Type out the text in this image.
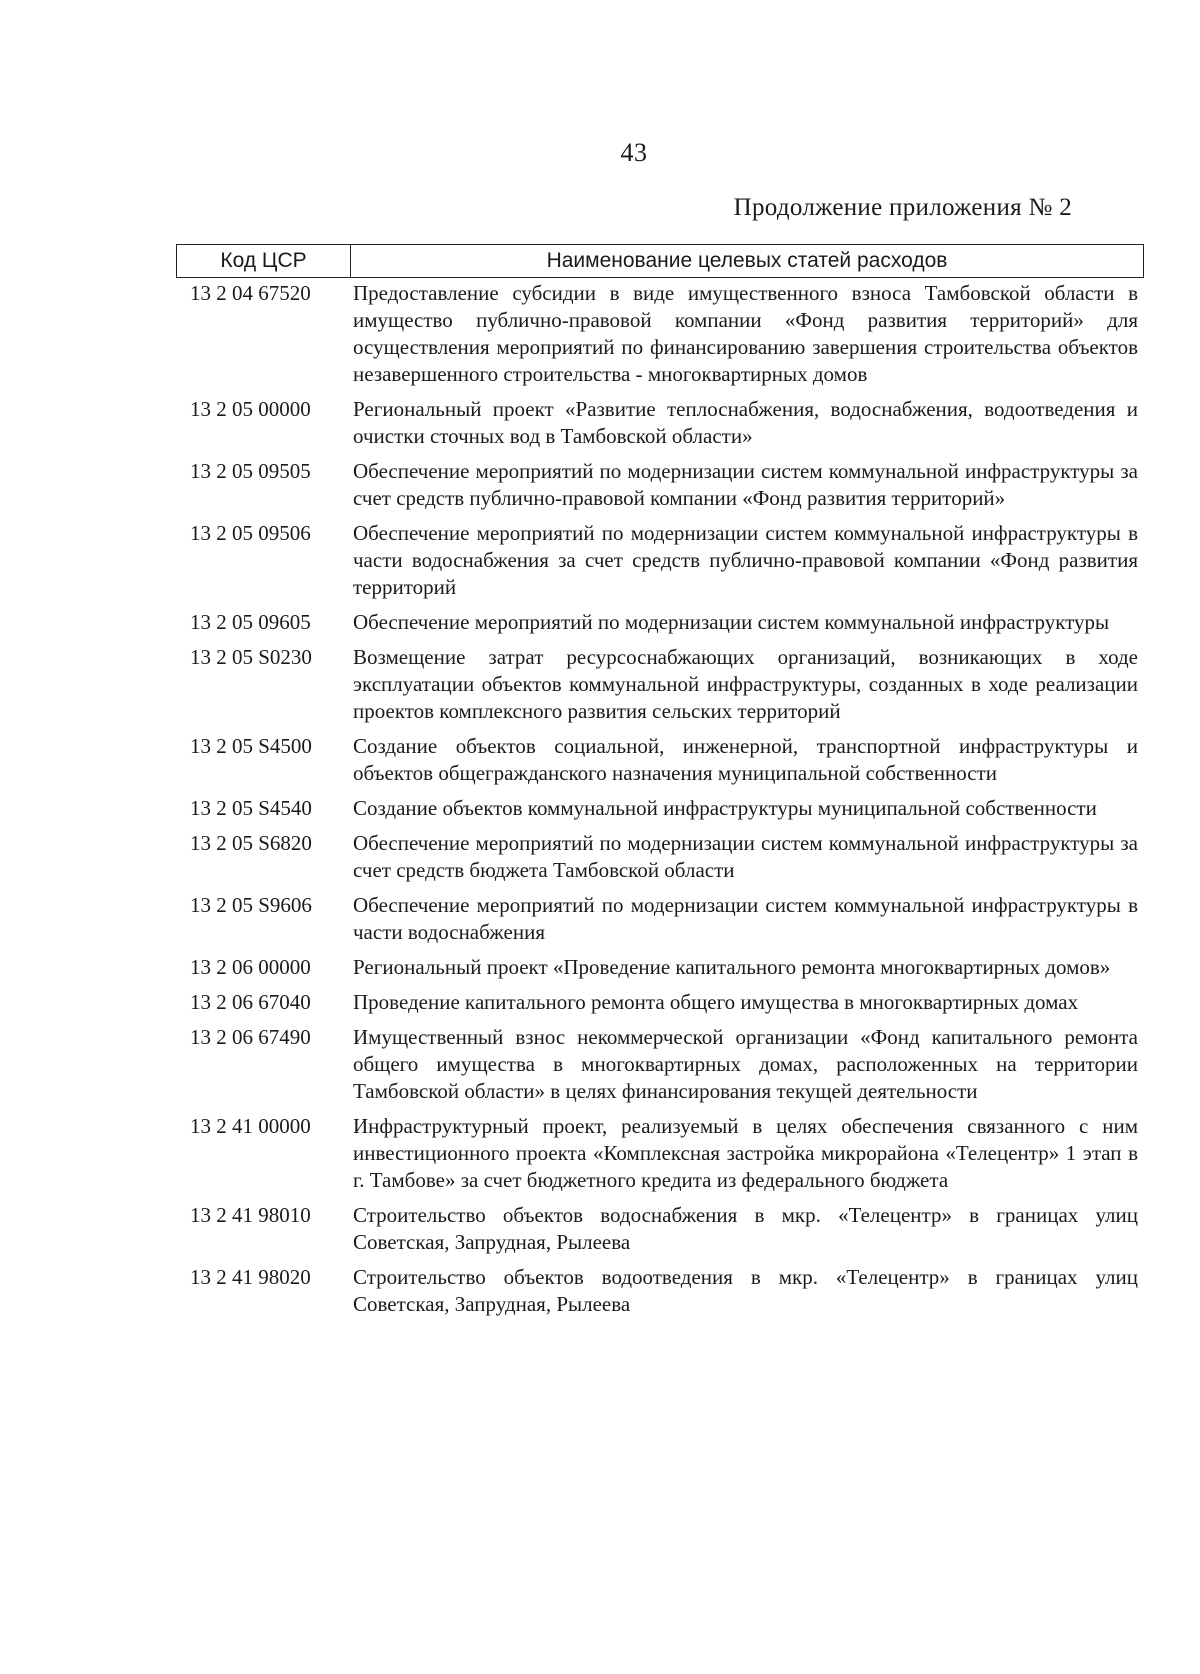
43
Продолжение приложения № 2
Код ЦСР	Наименование целевых статей расходов
13 2 04 67520	Предоставление субсидии в виде имущественного взноса Тамбовской области в имущество публично-правовой компании «Фонд развития территорий» для осуществления мероприятий по финансированию завершения строительства объектов незавершенного строительства - многоквартирных домов
13 2 05 00000	Региональный проект «Развитие теплоснабжения, водоснабжения, водоотведения и очистки сточных вод в Тамбовской области»
13 2 05 09505	Обеспечение мероприятий по модернизации систем коммунальной инфраструктуры за счет средств публично-правовой компании «Фонд развития территорий»
13 2 05 09506	Обеспечение мероприятий по модернизации систем коммунальной инфраструктуры в части водоснабжения за счет средств публично-правовой компании «Фонд развития территорий
13 2 05 09605	Обеспечение мероприятий по модернизации систем коммунальной инфраструктуры
13 2 05 S0230	Возмещение затрат ресурсоснабжающих организаций, возникающих в ходе эксплуатации объектов коммунальной инфраструктуры, созданных в ходе реализации проектов комплексного развития сельских территорий
13 2 05 S4500	Создание объектов социальной, инженерной, транспортной инфраструктуры и объектов общегражданского назначения муниципальной собственности
13 2 05 S4540	Создание объектов коммунальной инфраструктуры муниципальной собственности
13 2 05 S6820	Обеспечение мероприятий по модернизации систем коммунальной инфраструктуры за счет средств бюджета Тамбовской области
13 2 05 S9606	Обеспечение мероприятий по модернизации систем коммунальной инфраструктуры в части водоснабжения
13 2 06 00000	Региональный проект «Проведение капитального ремонта многоквартирных домов»
13 2 06 67040	Проведение капитального ремонта общего имущества в многоквартирных домах
13 2 06 67490	Имущественный взнос некоммерческой организации «Фонд капитального ремонта общего имущества в многоквартирных домах, расположенных на территории Тамбовской области» в целях финансирования текущей деятельности
13 2 41 00000	Инфраструктурный проект, реализуемый в целях обеспечения связанного с ним инвестиционного проекта «Комплексная застройка микрорайона «Телецентр» 1 этап в г. Тамбове» за счет бюджетного кредита из федерального бюджета
13 2 41 98010	Строительство объектов водоснабжения в мкр. «Телецентр» в границах улиц Советская, Запрудная, Рылеева
13 2 41 98020	Строительство объектов водоотведения в мкр. «Телецентр» в границах улиц Советская, Запрудная, Рылеева
